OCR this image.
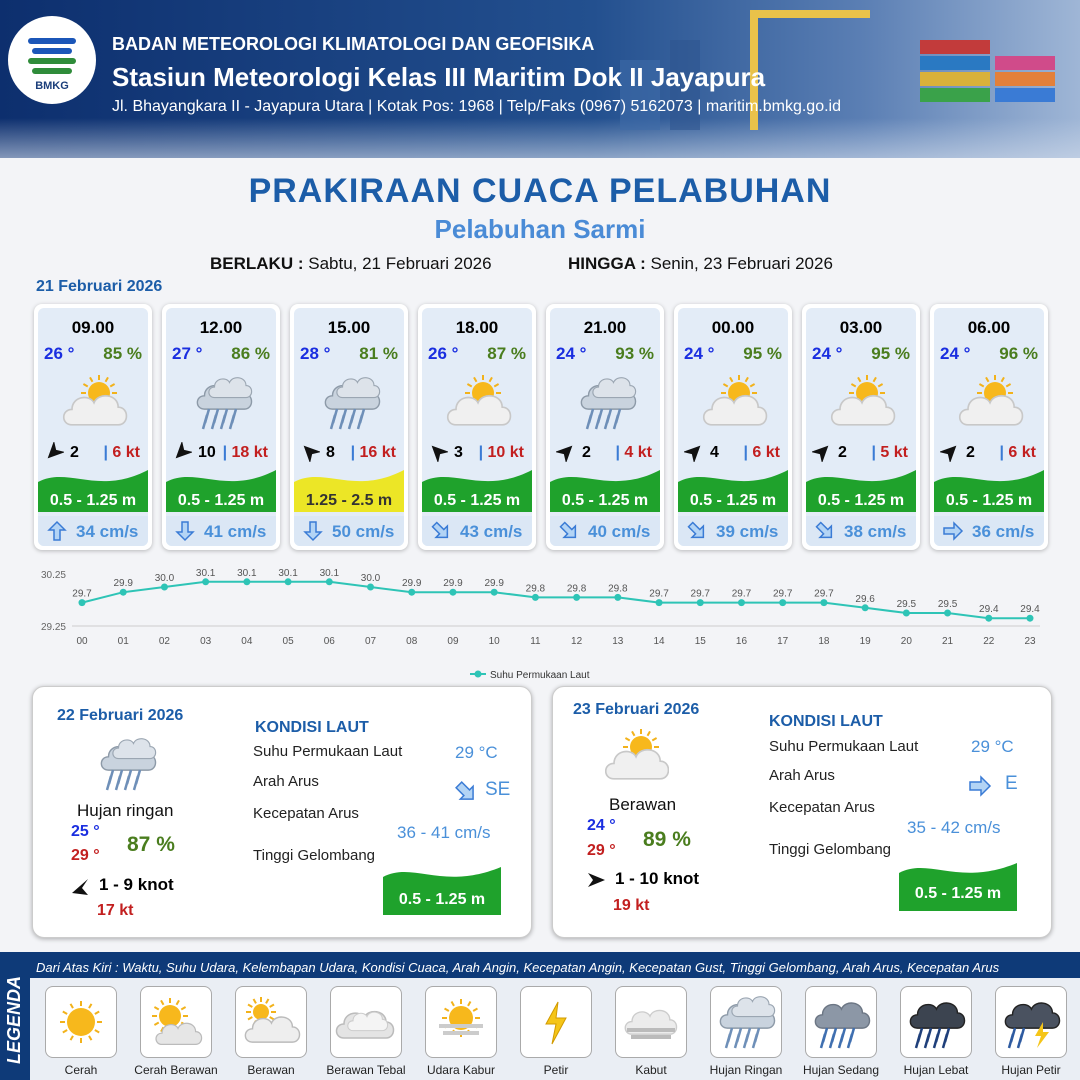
BMKG
BADAN METEOROLOGI KLIMATOLOGI DAN GEOFISIKA
Stasiun Meteorologi Kelas III Maritim Dok II Jayapura
Jl. Bhayangkara II - Jayapura Utara | Kotak Pos: 1968 | Telp/Faks (0967) 5162073 | maritim.bmkg.go.id
PRAKIRAAN CUACA PELABUHAN
Pelabuhan Sarmi
BERLAKU : Sabtu, 21 Februari 2026	HINGGA : Senin, 23 Februari 2026
21 Februari 2026
09.00
26 ° 85 %
2 | 6 kt
0.5 - 1.25 m
34 cm/s
12.00
27 ° 86 %
10 | 18 kt
0.5 - 1.25 m
41 cm/s
15.00
28 ° 81 %
8 | 16 kt
1.25 - 2.5 m
50 cm/s
18.00
26 ° 87 %
3 | 10 kt
0.5 - 1.25 m
43 cm/s
21.00
24 ° 93 %
2 | 4 kt
0.5 - 1.25 m
40 cm/s
00.00
24 ° 95 %
4 | 6 kt
0.5 - 1.25 m
39 cm/s
03.00
24 ° 95 %
2 | 5 kt
0.5 - 1.25 m
38 cm/s
06.00
24 ° 96 %
2 | 6 kt
0.5 - 1.25 m
36 cm/s
30.25
29.25
29.7
00
29.9
01
30.0
02
30.1
03
30.1
04
30.1
05
30.1
06
30.0
07
29.9
08
29.9
09
29.9
10
29.8
11
29.8
12
29.8
13
29.7
14
29.7
15
29.7
16
29.7
17
29.7
18
29.6
19
29.5
20
29.5
21
29.4
22
29.4
23
Suhu Permukaan Laut
22 Februari 2026
Hujan ringan
25 °
29 ° 87 %
1 - 9 knot
17 kt
KONDISI LAUT
Suhu Permukaan Laut	29 °C
Arah Arus	SE
Kecepatan Arus
36 - 41 cm/s
Tinggi Gelombang
0.5 - 1.25 m
23 Februari 2026
Berawan
24 °
29 ° 89 %
1 - 10 knot
19 kt
KONDISI LAUT
Suhu Permukaan Laut	29 °C
Arah Arus	E
Kecepatan Arus
35 - 42 cm/s
Tinggi Gelombang
0.5 - 1.25 m
LEGENDA
Dari Atas Kiri : Waktu, Suhu Udara, Kelembapan Udara, Kondisi Cuaca, Arah Angin, Kecepatan Angin, Kecepatan Gust, Tinggi Gelombang, Arah Arus, Kecepatan Arus
Cerah	Cerah Berawan	Berawan	Berawan Tebal	Udara Kabur	Petir	Kabut	Hujan Ringan	Hujan Sedang	Hujan Lebat	Hujan Petir
